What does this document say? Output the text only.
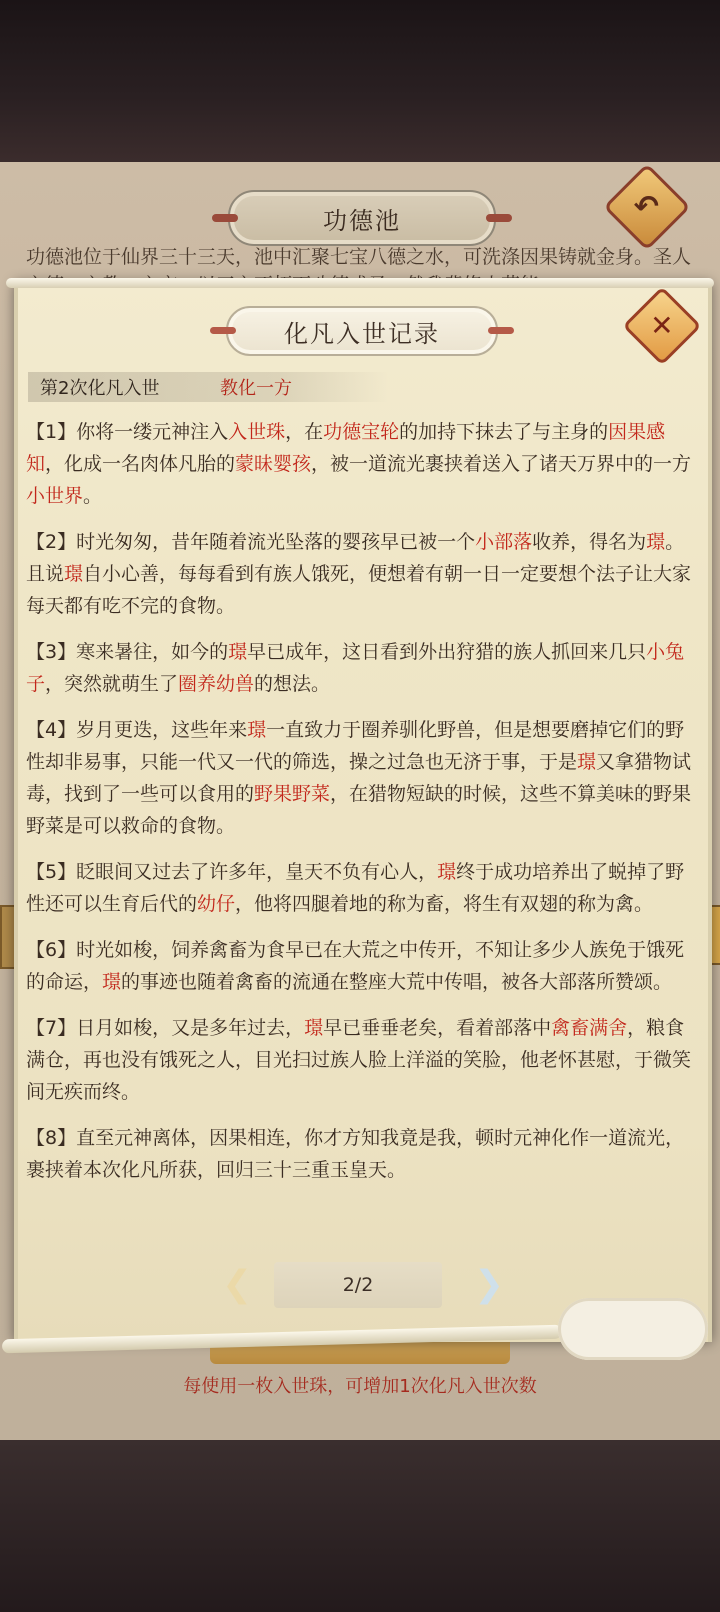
功德池
功德池位于仙界三十三天，池中汇聚七宝八德之水，可洗涤因果铸就金身。圣人
↶
每使用一枚入世珠，可增加1次化凡入世次数
化凡入世记录	✕
第2次化凡入世	教化一方

【1】你将一缕元神注入入世珠，在功德宝轮的加持下抹去了与主身的因果感知，化成一名肉体凡胎的蒙昧婴孩，被一道流光裹挟着送入了诸天万界中的一方小世界。

【2】时光匆匆，昔年随着流光坠落的婴孩早已被一个小部落收养，得名为璟。且说璟自小心善，每每看到有族人饿死，便想着有朝一日一定要想个法子让大家每天都有吃不完的食物。

【3】寒来暑往，如今的璟早已成年，这日看到外出狩猎的族人抓回来几只小兔子，突然就萌生了圈养幼兽的想法。

【4】岁月更迭，这些年来璟一直致力于圈养驯化野兽，但是想要磨掉它们的野性却非易事，只能一代又一代的筛选，操之过急也无济于事，于是璟又拿猎物试毒，找到了一些可以食用的野果野菜，在猎物短缺的时候，这些不算美味的野果野菜是可以救命的食物。

【5】眨眼间又过去了许多年，皇天不负有心人，璟终于成功培养出了蜕掉了野性还可以生育后代的幼仔，他将四腿着地的称为畜，将生有双翅的称为禽。

【6】时光如梭，饲养禽畜为食早已在大荒之中传开，不知让多少人族免于饿死的命运，璟的事迹也随着禽畜的流通在整座大荒中传唱，被各大部落所赞颂。

【7】日月如梭，又是多年过去，璟早已垂垂老矣，看着部落中禽畜满舍，粮食满仓，再也没有饿死之人，目光扫过族人脸上洋溢的笑脸，他老怀甚慰，于微笑间无疾而终。

【8】直至元神离体，因果相连，你才方知我竟是我，顿时元神化作一道流光，裹挟着本次化凡所获，回归三十三重玉皇天。

❮	2/2	❯
